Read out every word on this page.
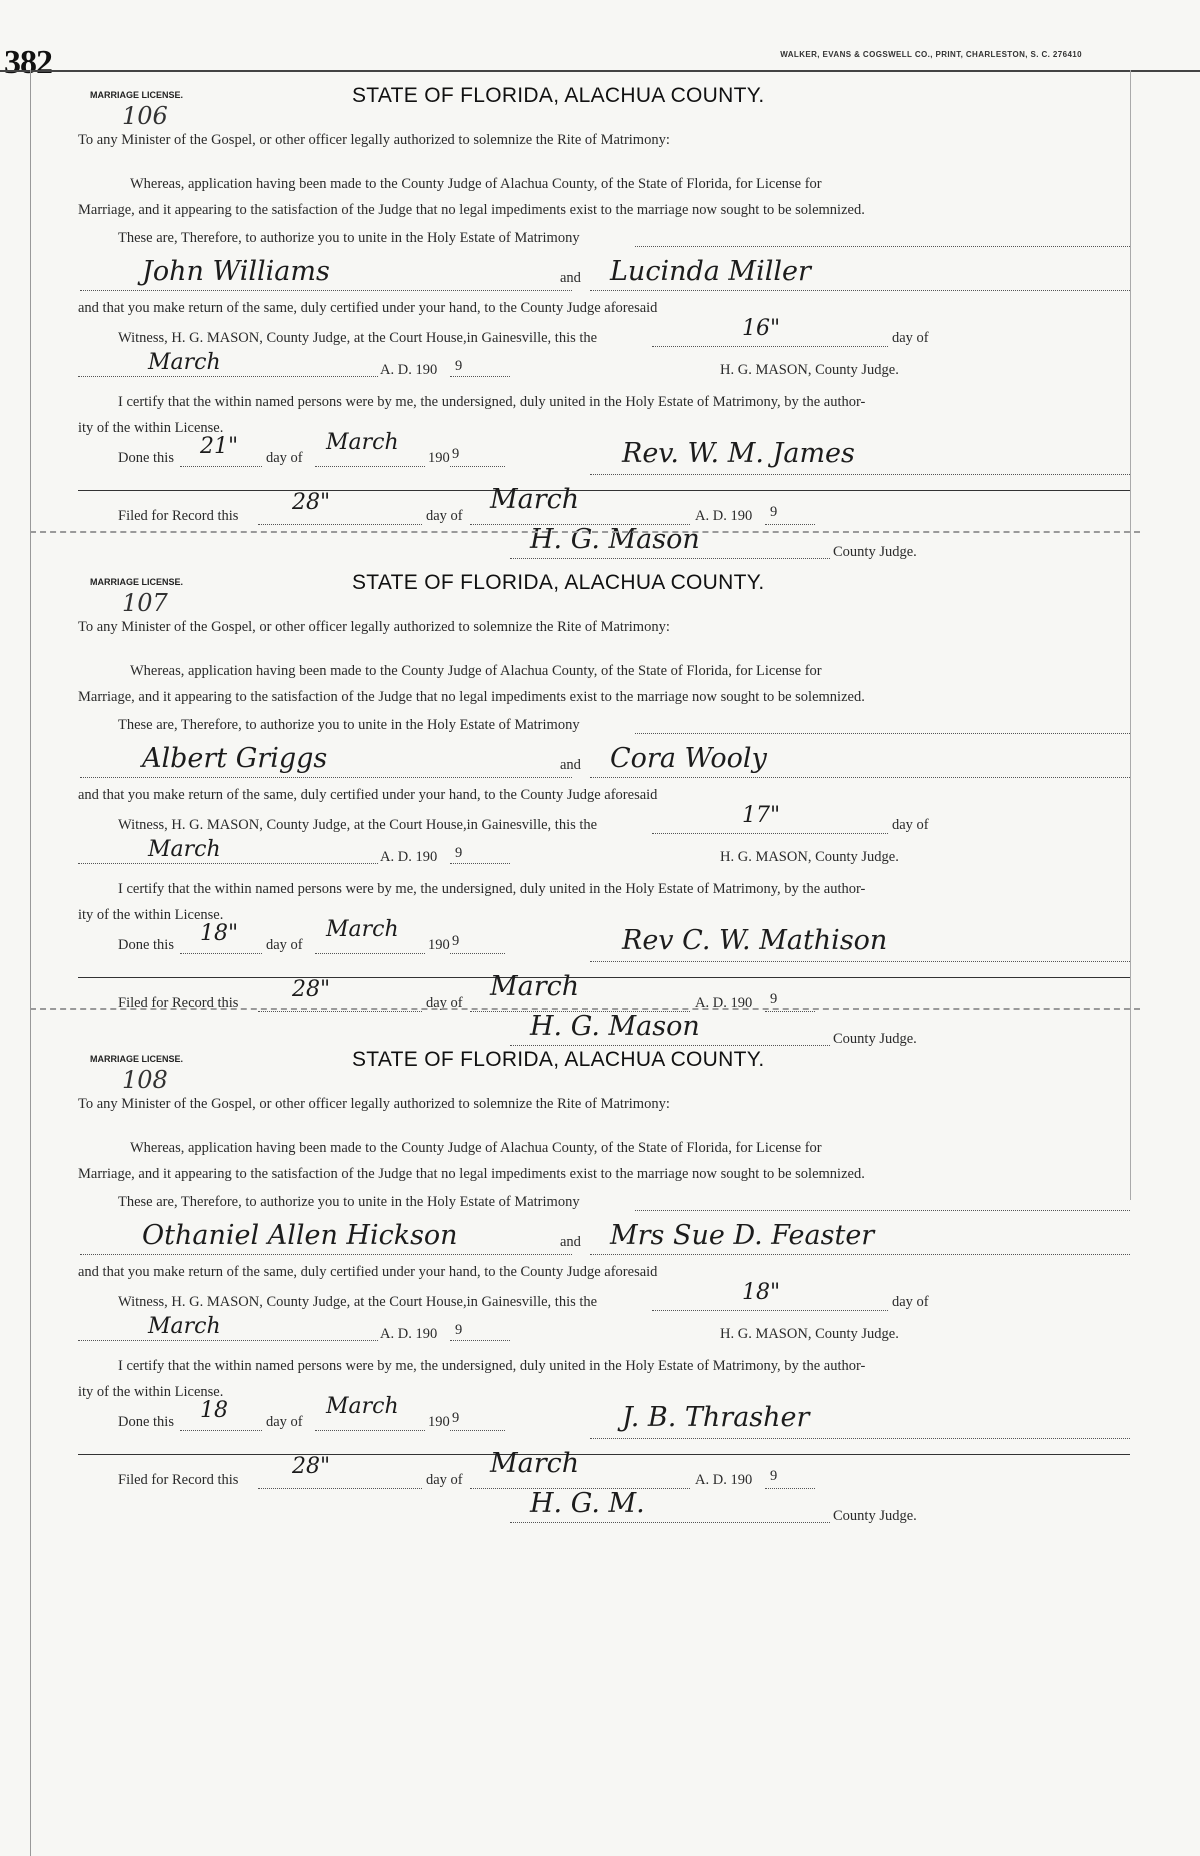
382	WALKER, EVANS & COGSWELL CO., PRINT, CHARLESTON, S. C. 276410
MARRIAGE LICENSE.
106
STATE OF FLORIDA, ALACHUA COUNTY.
To any Minister of the Gospel, or other officer legally authorized to solemnize the Rite of Matrimony:
Whereas, application having been made to the County Judge of Alachua County, of the State of Florida, for License for
Marriage, and it appearing to the satisfaction of the Judge that no legal impediments exist to the marriage now sought to be solemnized.
These are, Therefore, to authorize you to unite in the Holy Estate of Matrimony
John Williams	and Lucinda Miller
and that you make return of the same, duly certified under your hand, to the County Judge aforesaid
Witness, H. G. MASON, County Judge, at the Court House,in Gainesville, this the	16"	day of
March	A. D. 190 9	H. G. MASON, County Judge.
I certify that the within named persons were by me, the undersigned, duly united in the Holy Estate of Matrimony, by the author-
ity of the within License.
Done this 21" day of
March
190 9	Rev. W. M. James
Filed for Record this
28"
day of
March
A. D. 190 9
H. G. Mason	County Judge.
MARRIAGE LICENSE.
107
STATE OF FLORIDA, ALACHUA COUNTY.
To any Minister of the Gospel, or other officer legally authorized to solemnize the Rite of Matrimony:
Whereas, application having been made to the County Judge of Alachua County, of the State of Florida, for License for
Marriage, and it appearing to the satisfaction of the Judge that no legal impediments exist to the marriage now sought to be solemnized.
These are, Therefore, to authorize you to unite in the Holy Estate of Matrimony
Albert Griggs	and Cora Wooly
and that you make return of the same, duly certified under your hand, to the County Judge aforesaid
Witness, H. G. MASON, County Judge, at the Court House,in Gainesville, this the	17"	day of
March	A. D. 190 9	H. G. MASON, County Judge.
I certify that the within named persons were by me, the undersigned, duly united in the Holy Estate of Matrimony, by the author-
ity of the within License.
Done this 18" day of
March
190 9	Rev C. W. Mathison
Filed for Record this
28"
day of
March
A. D. 190 9
H. G. Mason	County Judge.
MARRIAGE LICENSE.
108
STATE OF FLORIDA, ALACHUA COUNTY.
To any Minister of the Gospel, or other officer legally authorized to solemnize the Rite of Matrimony:
Whereas, application having been made to the County Judge of Alachua County, of the State of Florida, for License for
Marriage, and it appearing to the satisfaction of the Judge that no legal impediments exist to the marriage now sought to be solemnized.
These are, Therefore, to authorize you to unite in the Holy Estate of Matrimony
Othaniel Allen Hickson	and Mrs Sue D. Feaster
and that you make return of the same, duly certified under your hand, to the County Judge aforesaid
Witness, H. G. MASON, County Judge, at the Court House,in Gainesville, this the	18"	day of
March	A. D. 190 9	H. G. MASON, County Judge.
I certify that the within named persons were by me, the undersigned, duly united in the Holy Estate of Matrimony, by the author-
ity of the within License.
Done this 18	day of
March
190 9	J. B. Thrasher
Filed for Record this
28"
day of
March
A. D. 190 9
H. G. M.	County Judge.
